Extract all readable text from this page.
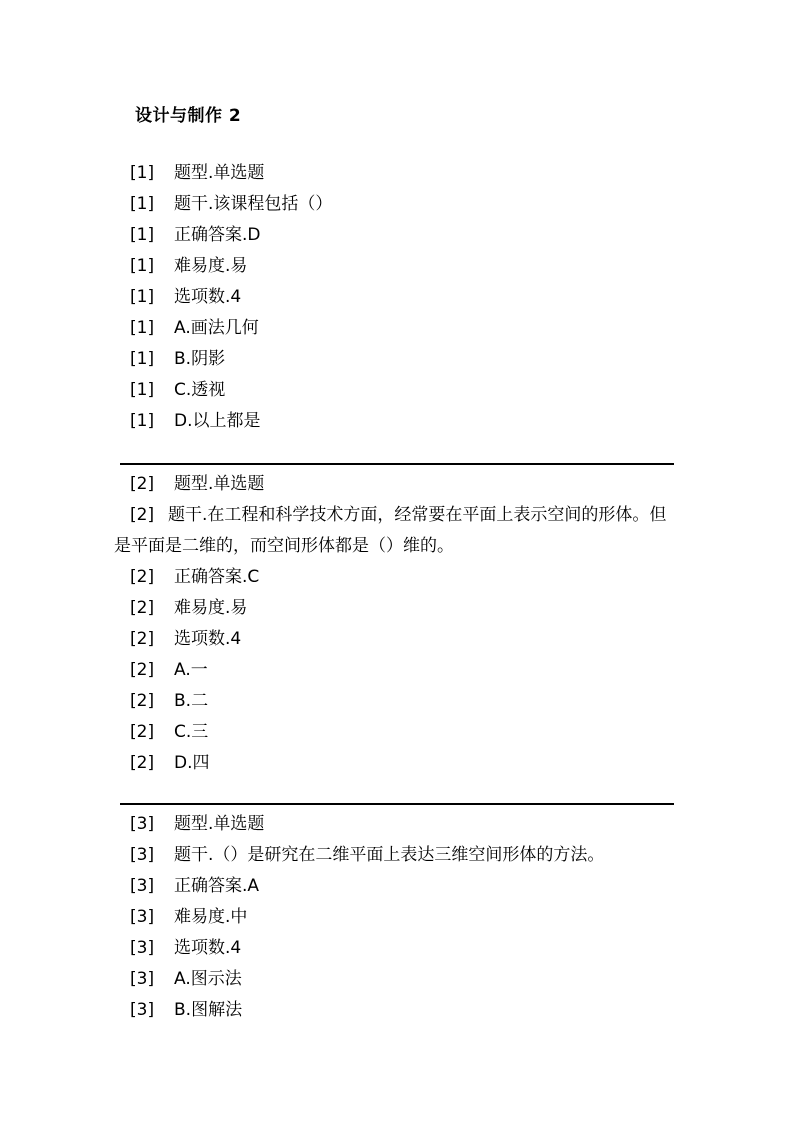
设计与制作 2
[1] 题型.单选题
[1] 题干.该课程包括（）
[1] 正确答案.D
[1] 难易度.易
[1] 选项数.4
[1] A.画法几何
[1] B.阴影
[1] C.透视
[1] D.以上都是
[2] 题型.单选题
[2] 题干.在工程和科学技术方面，经常要在平面上表示空间的形体。但是平面是二维的，而空间形体都是（）维的。
[2] 正确答案.C
[2] 难易度.易
[2] 选项数.4
[2] A.一
[2] B.二
[2] C.三
[2] D.四
[3] 题型.单选题
[3] 题干.（）是研究在二维平面上表达三维空间形体的方法。
[3] 正确答案.A
[3] 难易度.中
[3] 选项数.4
[3] A.图示法
[3] B.图解法
